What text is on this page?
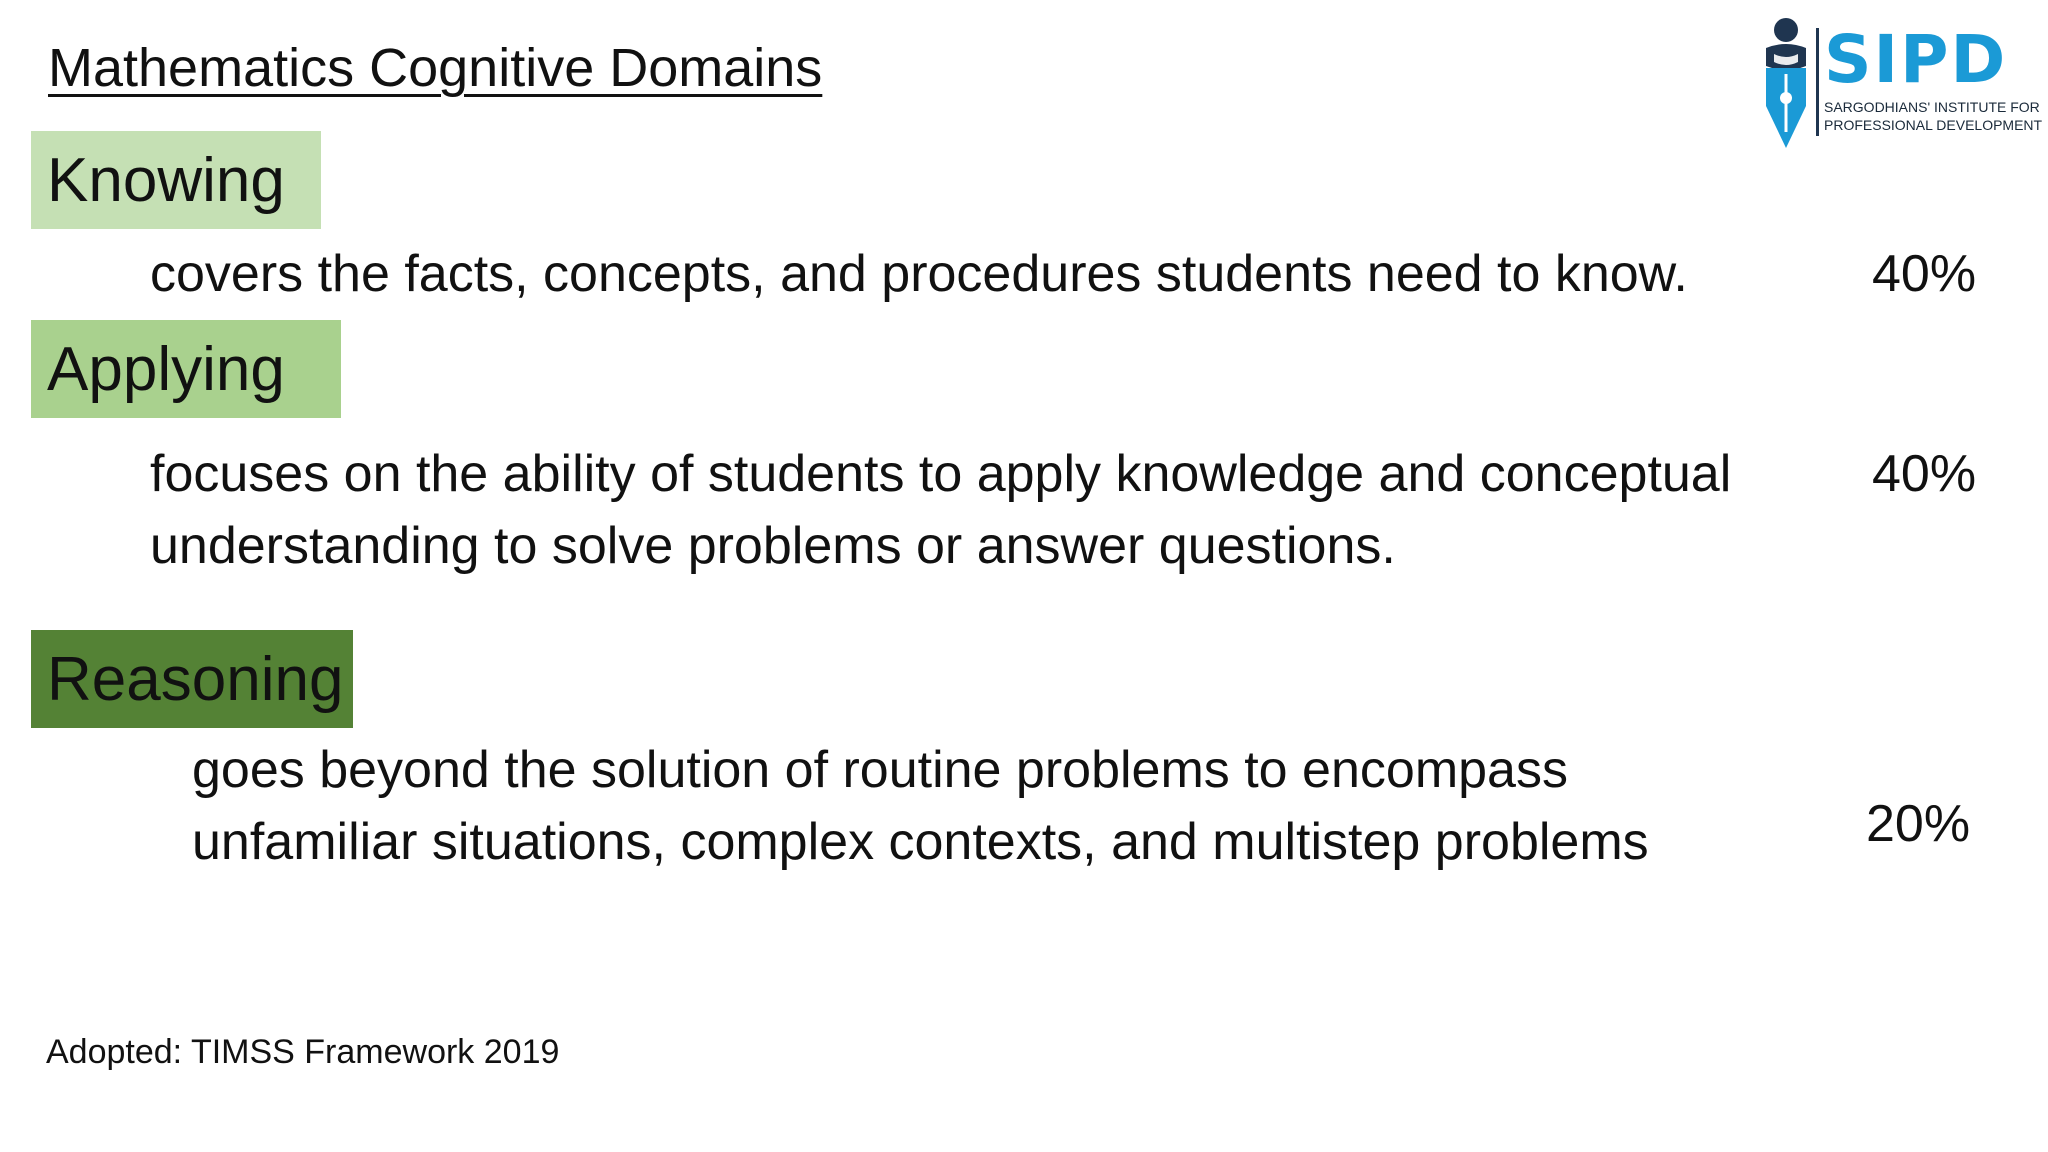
Mathematics Cognitive Domains	SIPD
SARGODHIANS' INSTITUTE FOR
PROFESSIONAL DEVELOPMENT
Knowing
covers the facts, concepts, and procedures students need to know.	40%
Applying
focuses on the ability of students to apply knowledge and conceptual
understanding to solve problems or answer questions.
40%
Reasoning
goes beyond the solution of routine problems to encompass
unfamiliar situations, complex contexts, and multistep problems	20%
Adopted: TIMSS Framework 2019
